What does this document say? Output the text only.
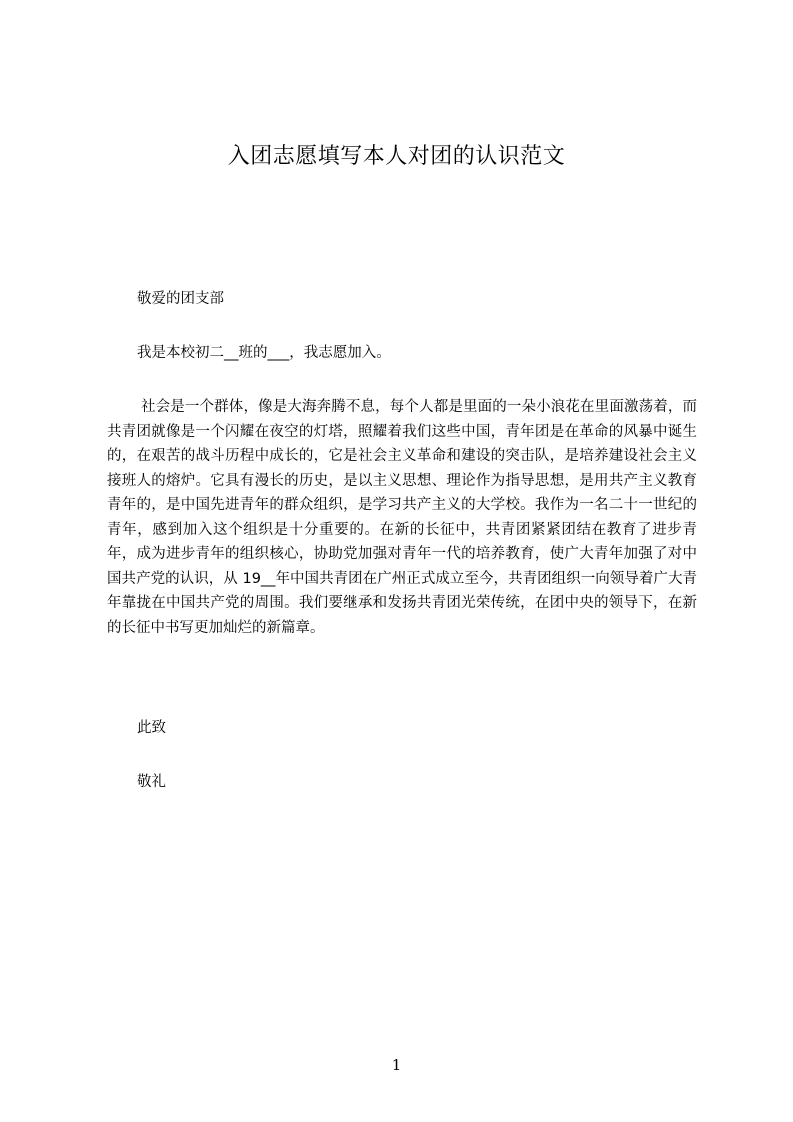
入团志愿填写本人对团的认识范文

敬爱的团支部

我是本校初二__班的___，我志愿加入。

社会是一个群体，像是大海奔腾不息，每个人都是里面的一朵小浪花在里面激荡着，而共青团就像是一个闪耀在夜空的灯塔，照耀着我们这些中国，青年团是在革命的风暴中诞生的，在艰苦的战斗历程中成长的，它是社会主义革命和建设的突击队，是培养建设社会主义接班人的熔炉。它具有漫长的历史，是以主义思想、理论作为指导思想，是用共产主义教育青年的，是中国先进青年的群众组织，是学习共产主义的大学校。我作为一名二十一世纪的青年，感到加入这个组织是十分重要的。在新的长征中，共青团紧紧团结在教育了进步青年，成为进步青年的组织核心，协助党加强对青年一代的培养教育，使广大青年加强了对中国共产党的认识，从 19__年中国共青团在广州正式成立至今，共青团组织一向领导着广大青年靠拢在中国共产党的周围。我们要继承和发扬共青团光荣传统，在团中央的领导下，在新的长征中书写更加灿烂的新篇章。

此致

敬礼

1
